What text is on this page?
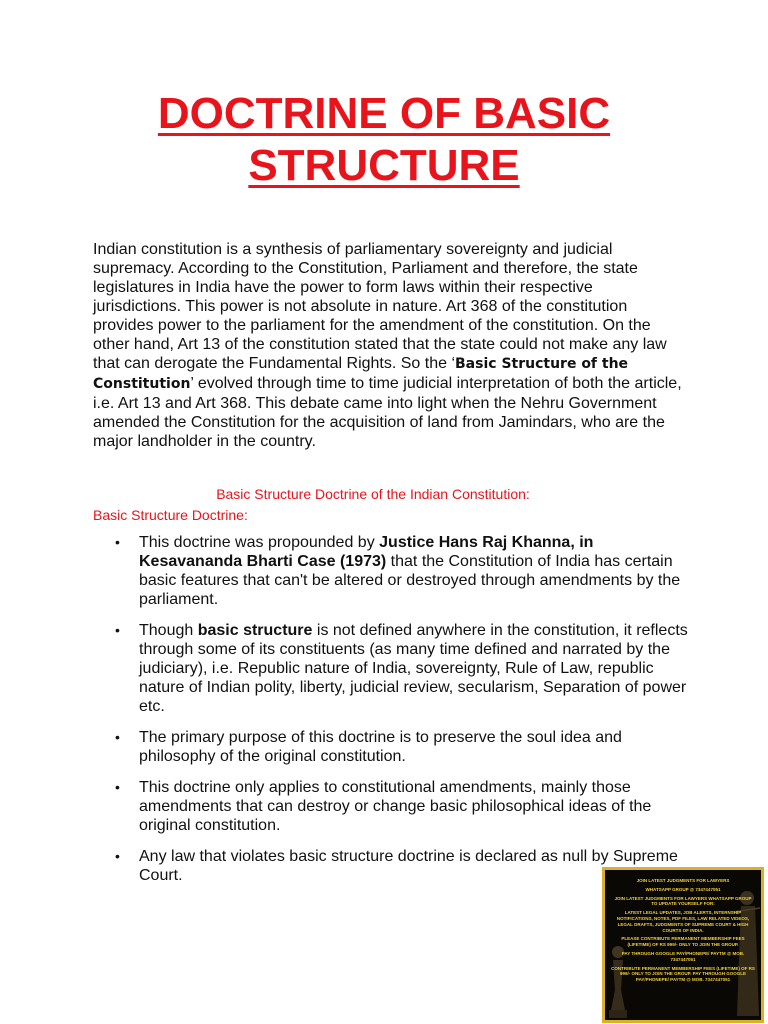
DOCTRINE OF BASIC
STRUCTURE

Indian constitution is a synthesis of parliamentary sovereignty and judicial supremacy. According to the Constitution, Parliament and therefore, the state legislatures in India have the power to form laws within their respective jurisdictions. This power is not absolute in nature. Art 368 of the constitution provides power to the parliament for the amendment of the constitution. On the other hand, Art 13 of the constitution stated that the state could not make any law that can derogate the Fundamental Rights. So the ‘Basic Structure of the Constitution’ evolved through time to time judicial interpretation of both the article, i.e. Art 13 and Art 368. This debate came into light when the Nehru Government amended the Constitution for the acquisition of land from Jamindars, who are the major landholder in the country.

Basic Structure Doctrine of the Indian Constitution:

Basic Structure Doctrine:

• This doctrine was propounded by Justice Hans Raj Khanna, in Kesavananda Bharti Case (1973) that the Constitution of India has certain basic features that can't be altered or destroyed through amendments by the parliament.
• Though basic structure is not defined anywhere in the constitution, it reflects through some of its constituents (as many time defined and narrated by the judiciary), i.e. Republic nature of India, sovereignty, Rule of Law, republic nature of Indian polity, liberty, judicial review, secularism, Separation of power etc.
• The primary purpose of this doctrine is to preserve the soul idea and philosophy of the original constitution.
• This doctrine only applies to constitutional amendments, mainly those amendments that can destroy or change basic philosophical ideas of the original constitution.
• Any law that violates basic structure doctrine is declared as null by Supreme Court.	JOIN LATEST JUDGMENTS FOR LAWYERS

WHATSAPP GROUP @ 7347447051

JOIN LATEST JUDGMENTS FOR LAWYERS WHATSAPP GROUP TO UPDATE YOURSELF FOR:

LATEST LEGAL UPDATES, JOB ALERTS, INTERNSHIP NOTIFICATIONS, NOTES, PDF FILES, LAW RELATED VIDEOS, LEGAL DRAFTS, JUDGMENTS OF SUPREME COURT & HIGH COURTS OF INDIA.

PLEASE CONTRIBUTE PERMANENT MEMBERSHIP FEES (LIFETIME) OF RS 999/- ONLY TO JOIN THE GROUP.

PAY THROUGH GOOGLE PAY/PHONEPE/ PAYTM @ MOB. 7347447051

CONTRIBUTE PERMANENT MEMBERSHIP FEES (LIFETIME) OF RS 999/- ONLY TO JOIN THE GROUP. PAY THROUGH GOOGLE PAY/PHONEPE/ PAYTM @ MOB. 7347447051
